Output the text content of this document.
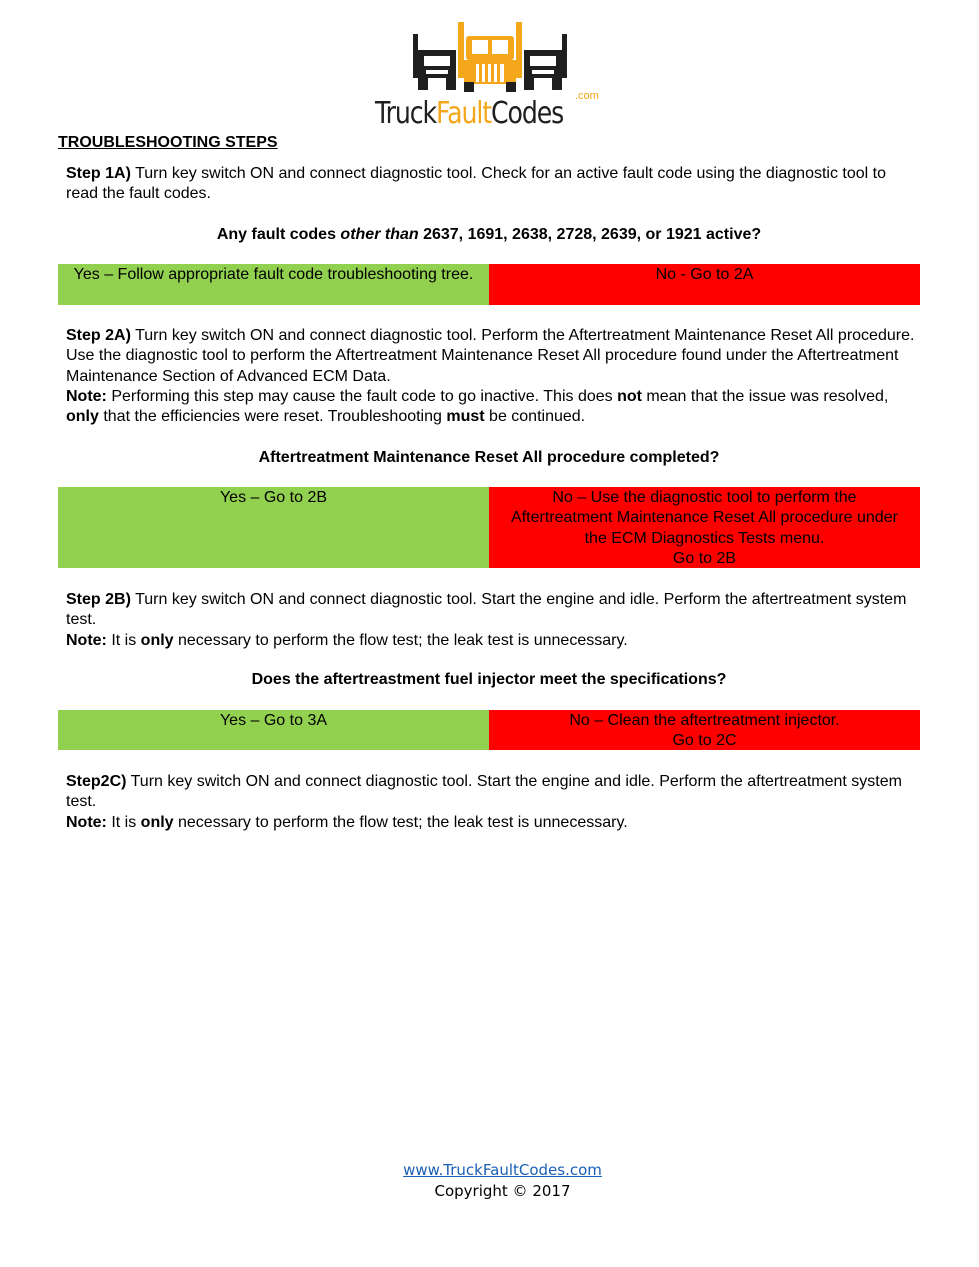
TruckFaultCodes	.com
TROUBLESHOOTING STEPS
Step 1A) Turn key switch ON and connect diagnostic tool. Check for an active fault code using the diagnostic tool to read the fault codes.
Any fault codes other than 2637, 1691, 2638, 2728, 2639, or 1921 active?
Yes – Follow appropriate fault code troubleshooting tree.	No - Go to 2A
Step 2A) Turn key switch ON and connect diagnostic tool. Perform the Aftertreatment Maintenance Reset All procedure. Use the diagnostic tool to perform the Aftertreatment Maintenance Reset All procedure found under the Aftertreatment Maintenance Section of Advanced ECM Data.
Note: Performing this step may cause the fault code to go inactive. This does not mean that the issue was resolved, only that the efficiencies were reset. Troubleshooting must be continued.
Aftertreatment Maintenance Reset All procedure completed?
Yes – Go to 2B	No – Use the diagnostic tool to perform the Aftertreatment Maintenance Reset All procedure under the ECM Diagnostics Tests menu.
Go to 2B
Step 2B) Turn key switch ON and connect diagnostic tool. Start the engine and idle. Perform the aftertreatment system test.
Note: It is only necessary to perform the flow test; the leak test is unnecessary.
Does the aftertreastment fuel injector meet the specifications?
Yes – Go to 3A	No – Clean the aftertreatment injector.
Go to 2C
Step2C) Turn key switch ON and connect diagnostic tool. Start the engine and idle. Perform the aftertreatment system test.
Note: It is only necessary to perform the flow test; the leak test is unnecessary.
www.TruckFaultCodes.com
Copyright © 2017
